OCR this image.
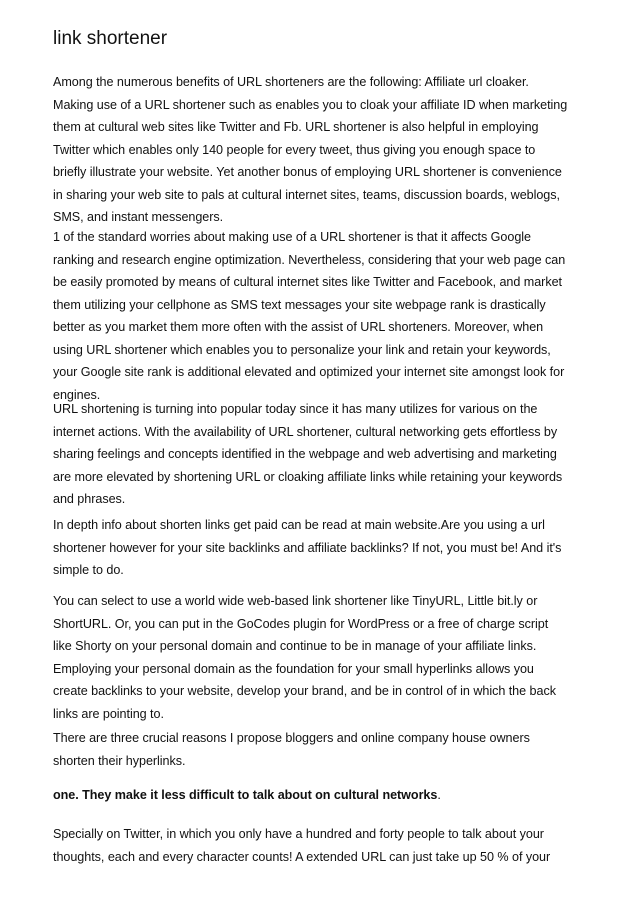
link shortener

Among the numerous benefits of URL shorteners are the following: Affiliate url cloaker.
Making use of a URL shortener such as enables you to cloak your affiliate ID when marketing
them at cultural web sites like Twitter and Fb. URL shortener is also helpful in employing
Twitter which enables only 140 people for every tweet, thus giving you enough space to
briefly illustrate your website. Yet another bonus of employing URL shortener is convenience
in sharing your web site to pals at cultural internet sites, teams, discussion boards, weblogs,
SMS, and instant messengers.

1 of the standard worries about making use of a URL shortener is that it affects Google
ranking and research engine optimization. Nevertheless, considering that your web page can
be easily promoted by means of cultural internet sites like Twitter and Facebook, and market
them utilizing your cellphone as SMS text messages your site webpage rank is drastically
better as you market them more often with the assist of URL shorteners. Moreover, when
using URL shortener which enables you to personalize your link and retain your keywords,
your Google site rank is additional elevated and optimized your internet site amongst look for
engines.

URL shortening is turning into popular today since it has many utilizes for various on the
internet actions. With the availability of URL shortener, cultural networking gets effortless by
sharing feelings and concepts identified in the webpage and web advertising and marketing
are more elevated by shortening URL or cloaking affiliate links while retaining your keywords
and phrases.

In depth info about shorten links get paid can be read at main website.Are you using a url
shortener however for your site backlinks and affiliate backlinks? If not, you must be! And it's
simple to do.

You can select to use a world wide web-based link shortener like TinyURL, Little bit.ly or
ShortURL. Or, you can put in the GoCodes plugin for WordPress or a free of charge script
like Shorty on your personal domain and continue to be in manage of your affiliate links.
Employing your personal domain as the foundation for your small hyperlinks allows you
create backlinks to your website, develop your brand, and be in control of in which the back
links are pointing to.

There are three crucial reasons I propose bloggers and online company house owners
shorten their hyperlinks.

one. They make it less difficult to talk about on cultural networks.

Specially on Twitter, in which you only have a hundred and forty people to talk about your
thoughts, each and every character counts! A extended URL can just take up 50 % of your
